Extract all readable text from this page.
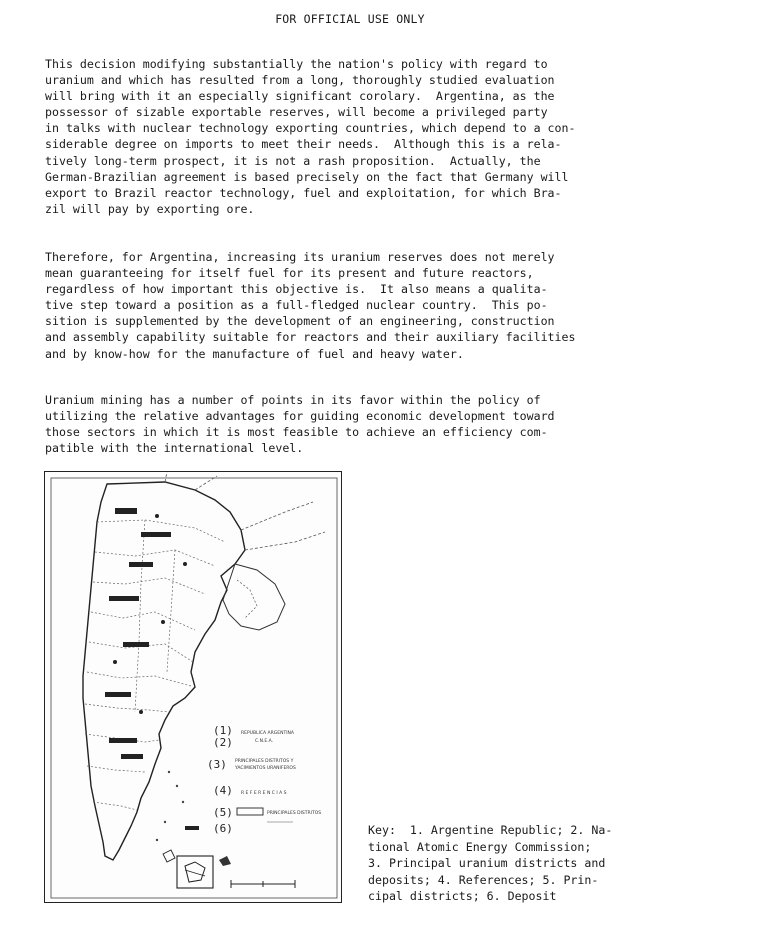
FOR OFFICIAL USE ONLY
This decision modifying substantially the nation's policy with regard to
uranium and which has resulted from a long, thoroughly studied evaluation
will bring with it an especially significant corolary.  Argentina, as the
possessor of sizable exportable reserves, will become a privileged party
in talks with nuclear technology exporting countries, which depend to a con-
siderable degree on imports to meet their needs.  Although this is a rela-
tively long-term prospect, it is not a rash proposition.  Actually, the
German-Brazilian agreement is based precisely on the fact that Germany will
export to Brazil reactor technology, fuel and exploitation, for which Bra-
zil will pay by exporting ore.
Therefore, for Argentina, increasing its uranium reserves does not merely
mean guaranteeing for itself fuel for its present and future reactors,
regardless of how important this objective is.  It also means a qualita-
tive step toward a position as a full-fledged nuclear country.  This po-
sition is supplemented by the development of an engineering, construction
and assembly capability suitable for reactors and their auxiliary facilities
and by know-how for the manufacture of fuel and heavy water.
Uranium mining has a number of points in its favor within the policy of
utilizing the relative advantages for guiding economic development toward
those sectors in which it is most feasible to achieve an efficiency com-
patible with the international level.
(1)
(2)
REPUBLICA ARGENTINA
C.N.E.A.
(3) PRINCIPALES DISTRITOS Y
YACIMIENTOS URANIFEROS
(4) R E F E R E N C I A S
(5)	PRINCIPALES DISTRITOS
(6)	Key:  1. Argentine Republic; 2. Na-
tional Atomic Energy Commission;
3. Principal uranium districts and
deposits; 4. References; 5. Prin-
cipal districts; 6. Deposit
